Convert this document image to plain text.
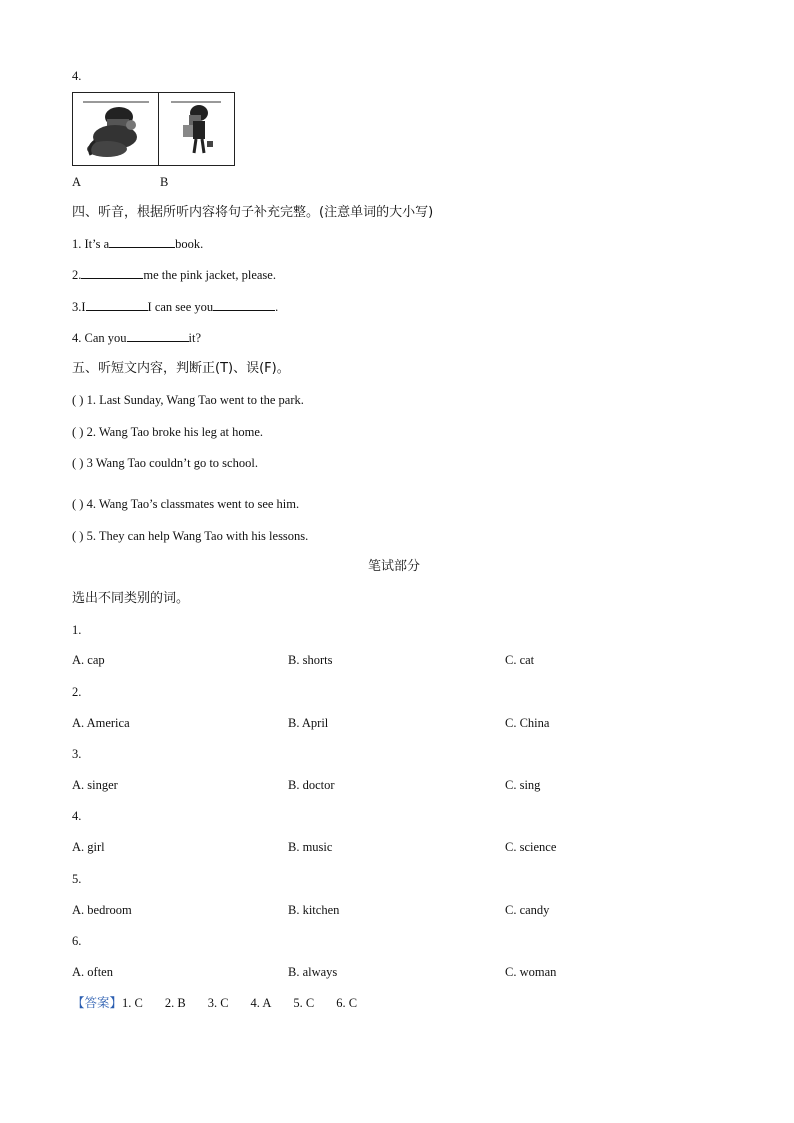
4.
A	B
四、听音，根据所听内容将句子补充完整。(注意单词的大小写)
1. It’s a	book.
2.	me the pink jacket, please.
3.I	I can see you	.
4. Can you	it?
五、听短文内容，判断正(T)、误(F)。
( ) 1. Last Sunday, Wang Tao went to the park.
( ) 2. Wang Tao broke his leg at home.
( ) 3 Wang Tao couldn’t go to school.
( ) 4. Wang Tao’s classmates went to see him.
( ) 5. They can help Wang Tao with his lessons.
笔试部分
选出不同类别的词。
1.
A. cap	B. shorts	C. cat
2.
A. America	B. April	C. China
3.
A. singer	B. doctor	C. sing
4.
A. girl	B. music	C. science
5.
A. bedroom	B. kitchen	C. candy
6.
A. often	B. always	C. woman
【答案】1. C 2. B 3. C 4. A 5. C 6. C
